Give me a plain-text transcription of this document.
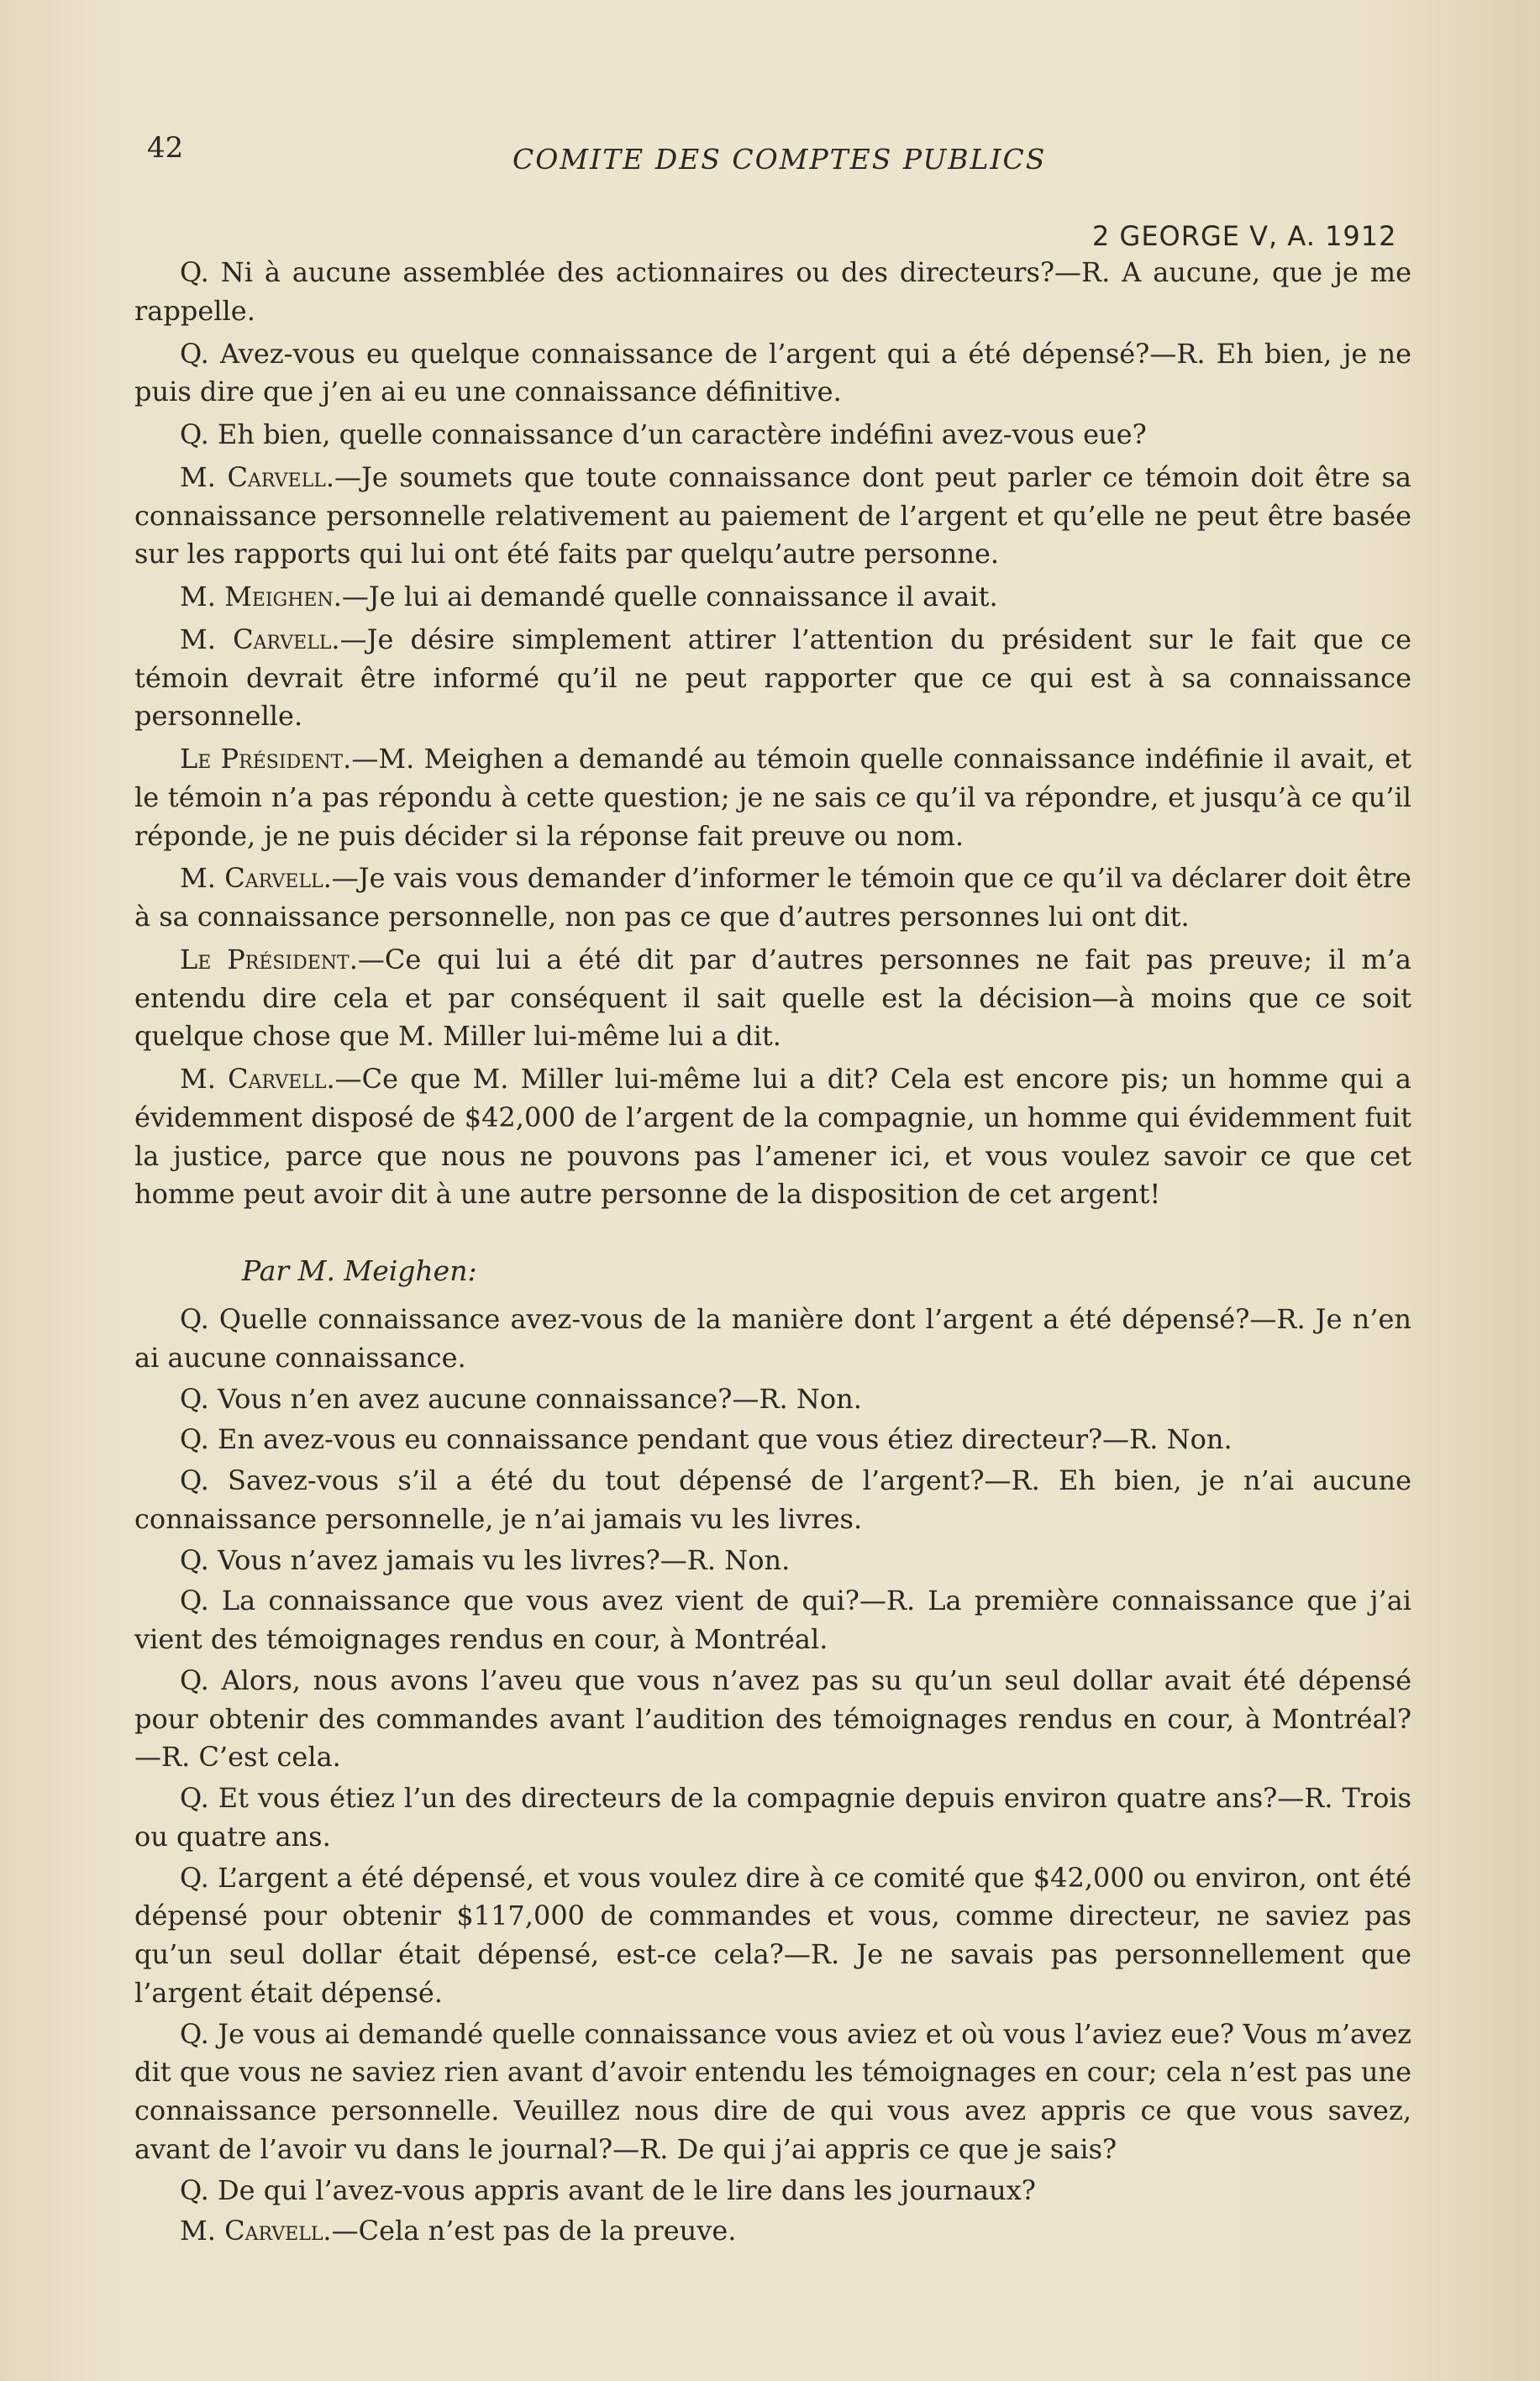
42	COMITE DES COMPTES PUBLICS
2 GEORGE V, A. 1912

Q. Ni à aucune assemblée des actionnaires ou des directeurs?—R. A aucune, que je me rappelle.

Q. Avez-vous eu quelque connaissance de l’argent qui a été dépensé?—R. Eh bien, je ne puis dire que j’en ai eu une connaissance définitive.

Q. Eh bien, quelle connaissance d’un caractère indéfini avez-vous eue?

M. Carvell.—Je soumets que toute connaissance dont peut parler ce témoin doit être sa connaissance personnelle relativement au paiement de l’argent et qu’elle ne peut être basée sur les rapports qui lui ont été faits par quelqu’autre personne.

M. Meighen.—Je lui ai demandé quelle connaissance il avait.

M. Carvell.—Je désire simplement attirer l’attention du président sur le fait que ce témoin devrait être informé qu’il ne peut rapporter que ce qui est à sa connaissance personnelle.

Le Président.—M. Meighen a demandé au témoin quelle connaissance indéfinie il avait, et le témoin n’a pas répondu à cette question; je ne sais ce qu’il va répondre, et jusqu’à ce qu’il réponde, je ne puis décider si la réponse fait preuve ou nom.

M. Carvell.—Je vais vous demander d’informer le témoin que ce qu’il va déclarer doit être à sa connaissance personnelle, non pas ce que d’autres personnes lui ont dit.

Le Président.—Ce qui lui a été dit par d’autres personnes ne fait pas preuve; il m’a entendu dire cela et par conséquent il sait quelle est la décision—à moins que ce soit quelque chose que M. Miller lui-même lui a dit.

M. Carvell.—Ce que M. Miller lui-même lui a dit? Cela est encore pis; un homme qui a évidemment disposé de $42,000 de l’argent de la compagnie, un homme qui évidemment fuit la justice, parce que nous ne pouvons pas l’amener ici, et vous voulez savoir ce que cet homme peut avoir dit à une autre personne de la disposition de cet argent!

Par M. Meighen:

Q. Quelle connaissance avez-vous de la manière dont l’argent a été dépensé?—R. Je n’en ai aucune connaissance.

Q. Vous n’en avez aucune connaissance?—R. Non.

Q. En avez-vous eu connaissance pendant que vous étiez directeur?—R. Non.

Q. Savez-vous s’il a été du tout dépensé de l’argent?—R. Eh bien, je n’ai aucune connaissance personnelle, je n’ai jamais vu les livres.

Q. Vous n’avez jamais vu les livres?—R. Non.

Q. La connaissance que vous avez vient de qui?—R. La première connaissance que j’ai vient des témoignages rendus en cour, à Montréal.

Q. Alors, nous avons l’aveu que vous n’avez pas su qu’un seul dollar avait été dépensé pour obtenir des commandes avant l’audition des témoignages rendus en cour, à Montréal?—R. C’est cela.

Q. Et vous étiez l’un des directeurs de la compagnie depuis environ quatre ans?—R. Trois ou quatre ans.

Q. L’argent a été dépensé, et vous voulez dire à ce comité que $42,000 ou environ, ont été dépensé pour obtenir $117,000 de commandes et vous, comme directeur, ne saviez pas qu’un seul dollar était dépensé, est-ce cela?—R. Je ne savais pas personnellement que l’argent était dépensé.

Q. Je vous ai demandé quelle connaissance vous aviez et où vous l’aviez eue? Vous m’avez dit que vous ne saviez rien avant d’avoir entendu les témoignages en cour; cela n’est pas une connaissance personnelle. Veuillez nous dire de qui vous avez appris ce que vous savez, avant de l’avoir vu dans le journal?—R. De qui j’ai appris ce que je sais?

Q. De qui l’avez-vous appris avant de le lire dans les journaux?

M. Carvell.—Cela n’est pas de la preuve.
